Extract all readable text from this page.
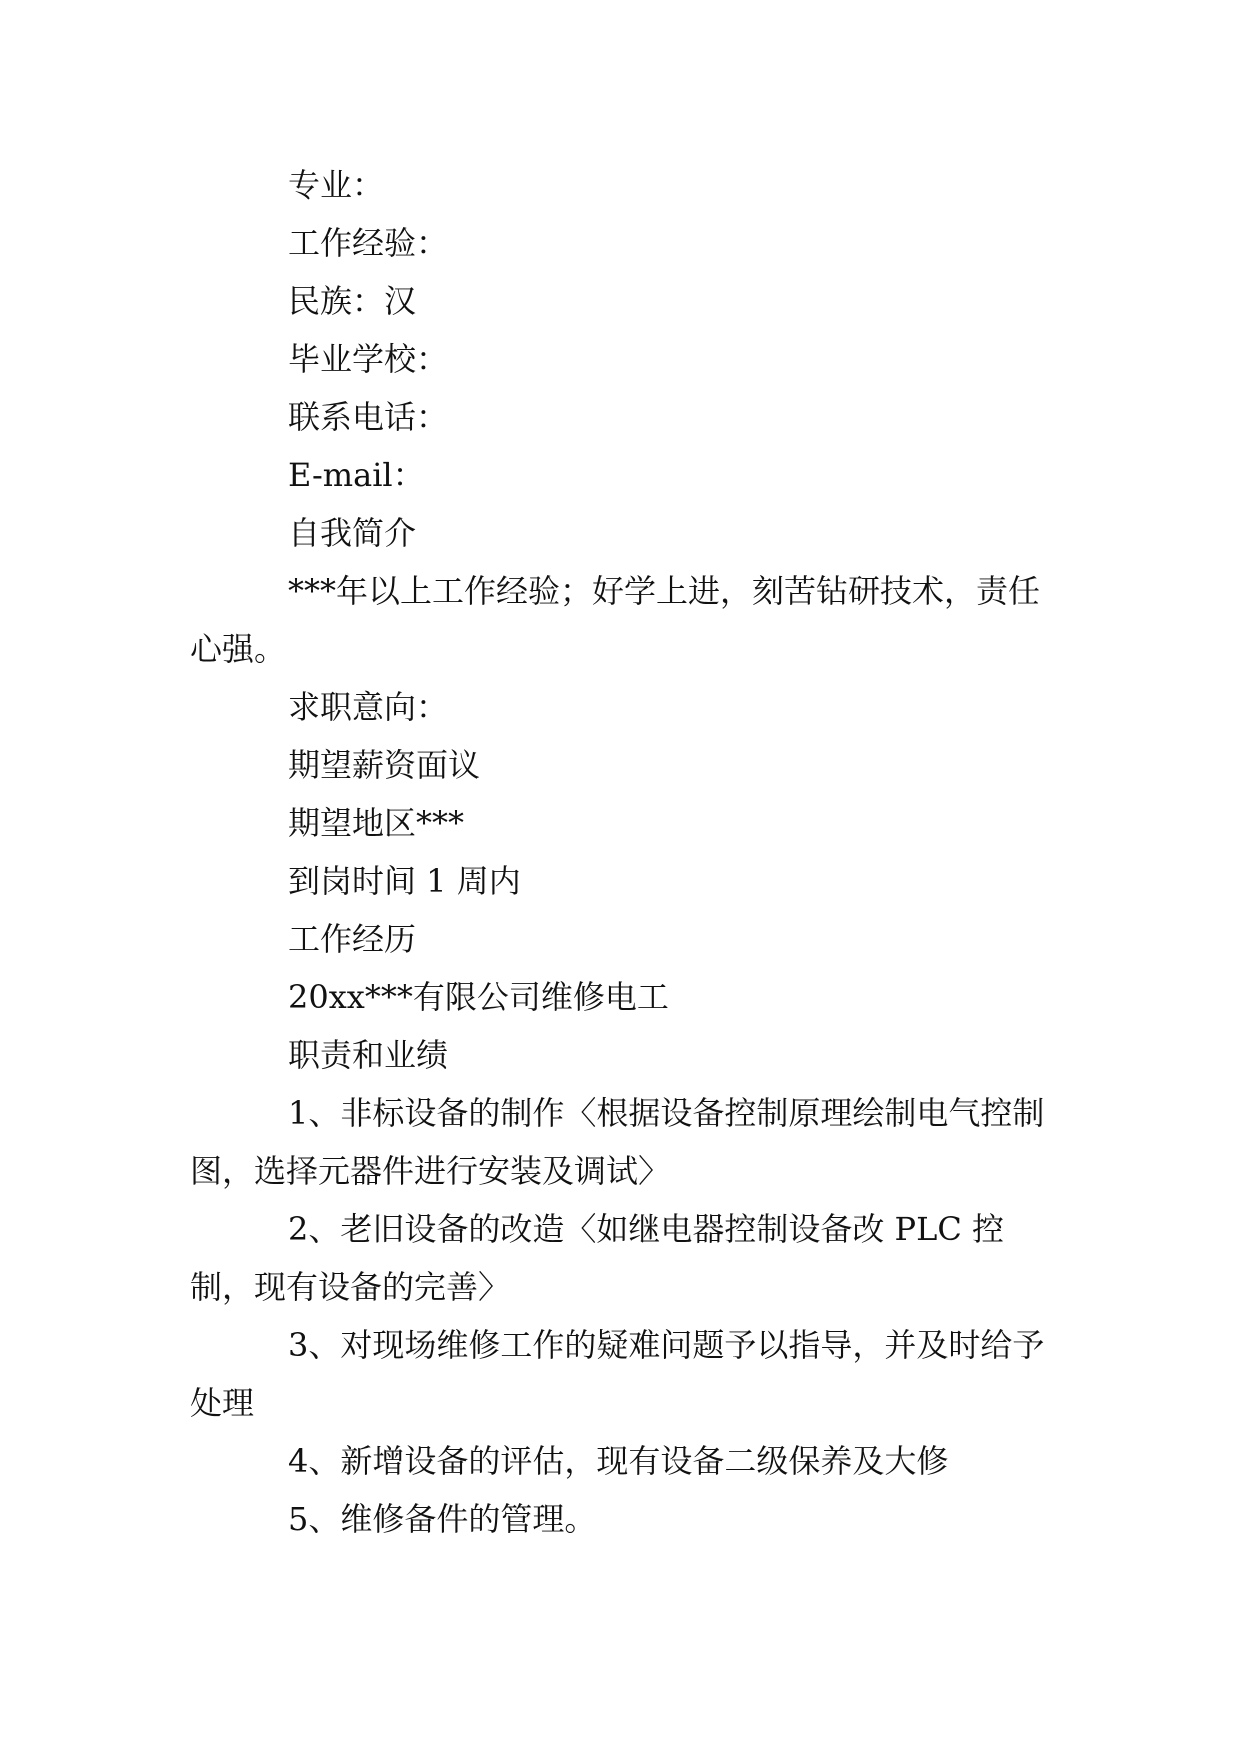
专业：

工作经验：

民族：汉

毕业学校：

联系电话：

E-mail：

自我简介

***年以上工作经验；好学上进，刻苦钻研技术，责任心强。

求职意向：

期望薪资面议

期望地区***

到岗时间 1 周内

工作经历

20xx***有限公司维修电工

职责和业绩

1、非标设备的制作〈根据设备控制原理绘制电气控制图，选择元器件进行安装及调试〉

2、老旧设备的改造〈如继电器控制设备改 PLC 控制，现有设备的完善〉

3、对现场维修工作的疑难问题予以指导，并及时给予处理

4、新增设备的评估，现有设备二级保养及大修

5、维修备件的管理。
